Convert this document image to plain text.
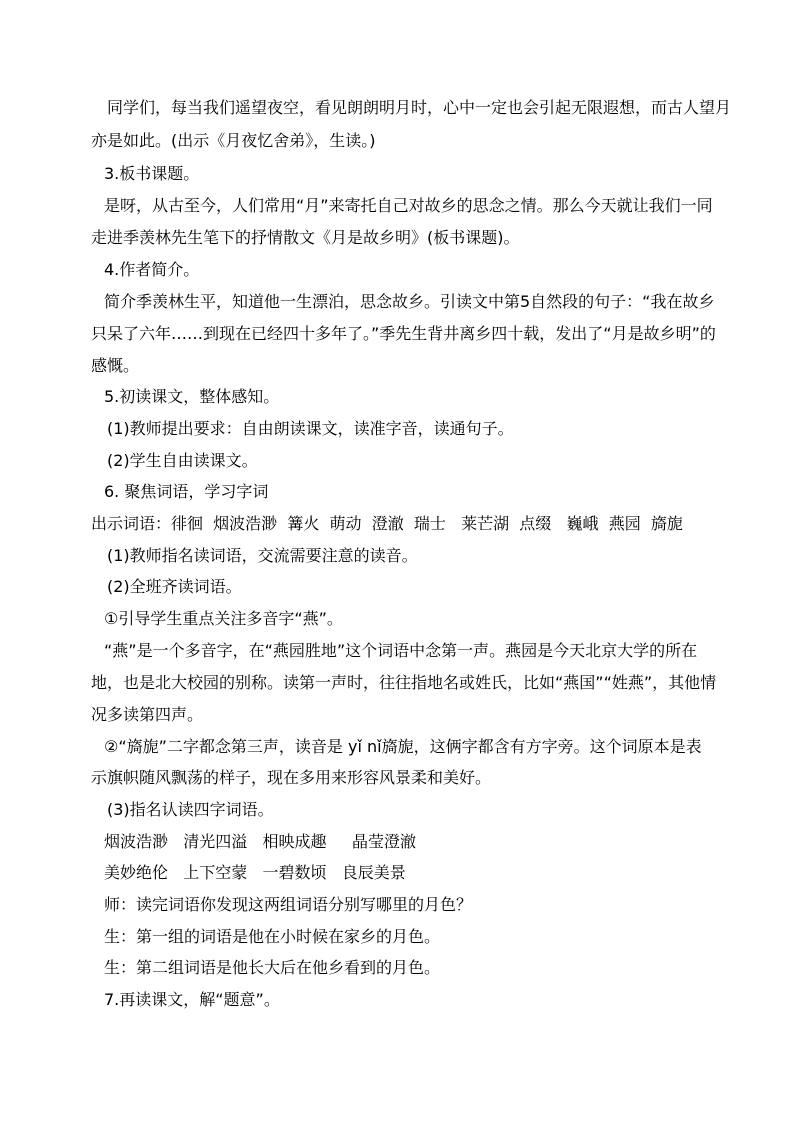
同学们，每当我们遥望夜空，看见朗朗明月时，心中一定也会引起无限遐想，而古人望月
亦是如此。(出示《月夜忆舍弟》，生读。)
3.板书课题。
是呀，从古至今，人们常用“月”来寄托自己对故乡的思念之情。那么今天就让我们一同
走进季羡林先生笔下的抒情散文《月是故乡明》(板书课题)。
4.作者简介。
简介季羡林生平，知道他一生漂泊，思念故乡。引读文中第5自然段的句子：“我在故乡
只呆了六年……到现在已经四十多年了。”季先生背井离乡四十载，发出了“月是故乡明”的
感慨。
5.初读课文，整体感知。
(1)教师提出要求：自由朗读课文，读准字音，读通句子。
(2)学生自由读课文。
6. 聚焦词语，学习字词
出示词语：徘徊  烟波浩渺  篝火  萌动  澄澈  瑞士   莱芒湖  点缀   巍峨  燕园  旖旎
(1)教师指名读词语，交流需要注意的读音。
(2)全班齐读词语。
①引导学生重点关注多音字“燕”。
“燕”是一个多音字，在“燕园胜地”这个词语中念第一声。燕园是今天北京大学的所在
地，也是北大校园的别称。读第一声时，往往指地名或姓氏，比如“燕国”“姓燕”，其他情
况多读第四声。
②“旖旎”二字都念第三声，读音是 yǐ nǐ旖旎，这俩字都含有方字旁。这个词原本是表
示旗帜随风飘荡的样子，现在多用来形容风景柔和美好。
(3)指名认读四字词语。
烟波浩渺   清光四溢   相映成趣     晶莹澄澈
美妙绝伦   上下空蒙   一碧数顷   良辰美景
师：读完词语你发现这两组词语分别写哪里的月色？
生：第一组的词语是他在小时候在家乡的月色。
生：第二组词语是他长大后在他乡看到的月色。
7.再读课文，解“题意”。
